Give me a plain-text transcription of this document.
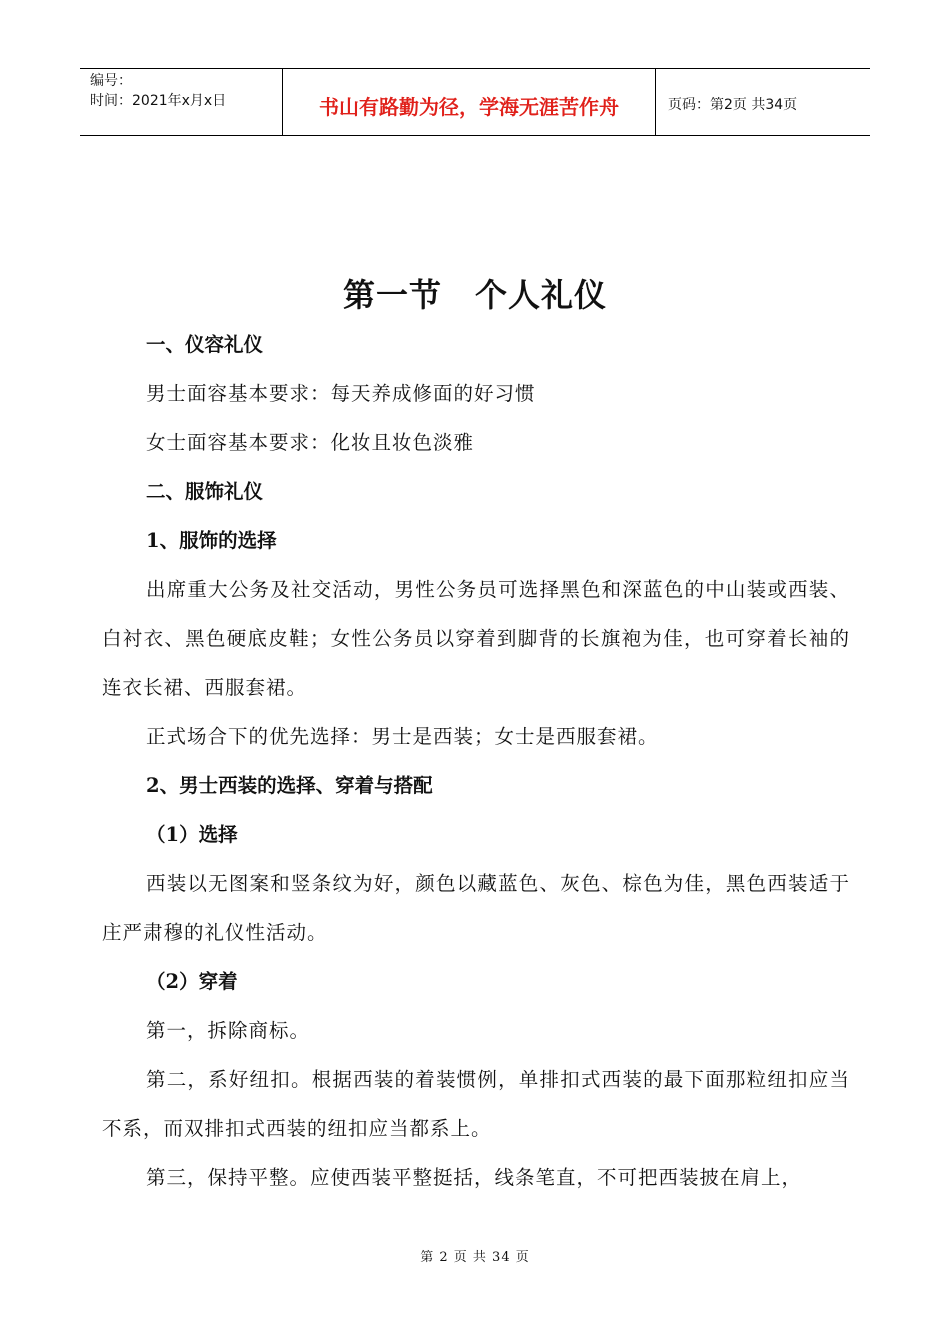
编号：
时间：2021年x月x日	书山有路勤为径，学海无涯苦作舟	页码：第2页 共34页
第一节　个人礼仪

一、仪容礼仪

男士面容基本要求：每天养成修面的好习惯

女士面容基本要求：化妆且妆色淡雅

二、服饰礼仪

1、服饰的选择

出席重大公务及社交活动，男性公务员可选择黑色和深蓝色的中山装或西装、白衬衣、黑色硬底皮鞋；女性公务员以穿着到脚背的长旗袍为佳，也可穿着长袖的连衣长裙、西服套裙。

正式场合下的优先选择：男士是西装；女士是西服套裙。

2、男士西装的选择、穿着与搭配

（1）选择

西装以无图案和竖条纹为好，颜色以藏蓝色、灰色、棕色为佳，黑色西装适于庄严肃穆的礼仪性活动。

（2）穿着

第一，拆除商标。

第二，系好纽扣。根据西装的着装惯例，单排扣式西装的最下面那粒纽扣应当不系，而双排扣式西装的纽扣应当都系上。

第三，保持平整。应使西装平整挺括，线条笔直，不可把西装披在肩上，

第 2 页 共 34 页
